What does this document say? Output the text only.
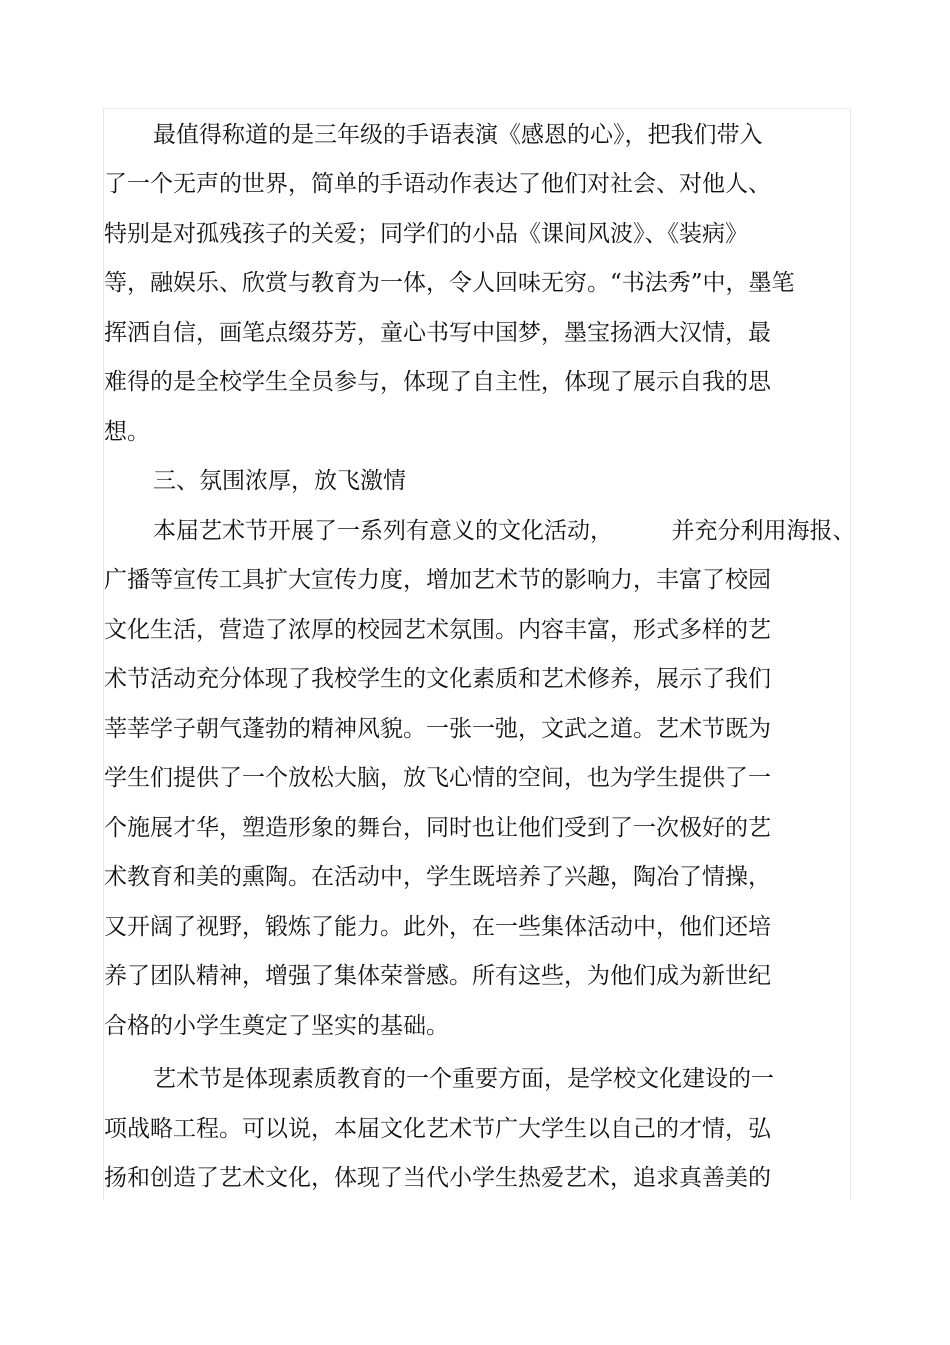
最值得称道的是三年级的手语表演《感恩的心》，把我们带入
了一个无声的世界，简单的手语动作表达了他们对社会、对他人、
特别是对孤残孩子的关爱；同学们的小品《课间风波》、《装病》
等，融娱乐、欣赏与教育为一体，令人回味无穷。“书法秀”中，墨笔
挥洒自信，画笔点缀芬芳，童心书写中国梦，墨宝扬洒大汉情，最
难得的是全校学生全员参与，体现了自主性，体现了展示自我的思
想。
三、氛围浓厚，放飞激情
本届艺术节开展了一系列有意义的文化活动，        并充分利用海报、
广播等宣传工具扩大宣传力度，增加艺术节的影响力，丰富了校园
文化生活，营造了浓厚的校园艺术氛围。内容丰富，形式多样的艺
术节活动充分体现了我校学生的文化素质和艺术修养，展示了我们
莘莘学子朝气蓬勃的精神风貌。一张一弛，文武之道。艺术节既为
学生们提供了一个放松大脑，放飞心情的空间，也为学生提供了一
个施展才华，塑造形象的舞台，同时也让他们受到了一次极好的艺
术教育和美的熏陶。在活动中，学生既培养了兴趣，陶冶了情操，
又开阔了视野，锻炼了能力。此外，在一些集体活动中，他们还培
养了团队精神，增强了集体荣誉感。所有这些，为他们成为新世纪
合格的小学生奠定了坚实的基础。
艺术节是体现素质教育的一个重要方面，是学校文化建设的一
项战略工程。可以说，本届文化艺术节广大学生以自己的才情，弘
扬和创造了艺术文化，体现了当代小学生热爱艺术，追求真善美的
